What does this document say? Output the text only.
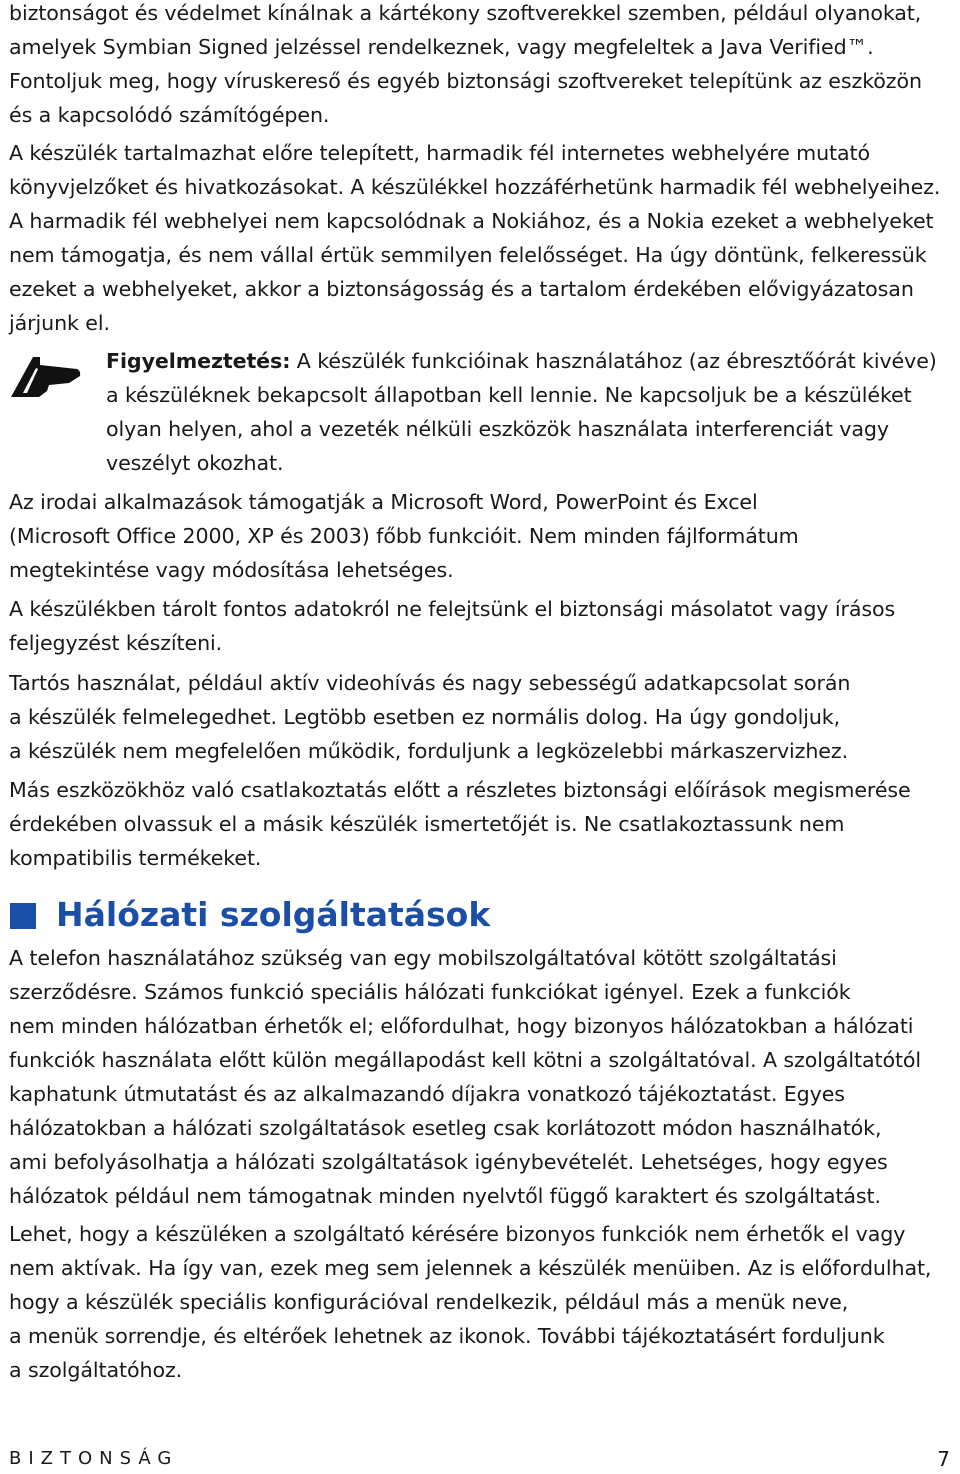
biztonságot és védelmet kínálnak a kártékony szoftverekkel szemben, például olyanokat,

amelyek Symbian Signed jelzéssel rendelkeznek, vagy megfeleltek a Java Verified™.

Fontoljuk meg, hogy víruskereső és egyéb biztonsági szoftvereket telepítünk az eszközön

és a kapcsolódó számítógépen.

A készülék tartalmazhat előre telepített, harmadik fél internetes webhelyére mutató

könyvjelzőket és hivatkozásokat. A készülékkel hozzáférhetünk harmadik fél webhelyeihez.

A harmadik fél webhelyei nem kapcsolódnak a Nokiához, és a Nokia ezeket a webhelyeket

nem támogatja, és nem vállal értük semmilyen felelősséget. Ha úgy döntünk, felkeressük

ezeket a webhelyeket, akkor a biztonságosság és a tartalom érdekében elővigyázatosan

járjunk el.

Figyelmeztetés: A készülék funkcióinak használatához (az ébresztőórát kivéve)

a készüléknek bekapcsolt állapotban kell lennie. Ne kapcsoljuk be a készüléket

olyan helyen, ahol a vezeték nélküli eszközök használata interferenciát vagy

veszélyt okozhat.

Az irodai alkalmazások támogatják a Microsoft Word, PowerPoint és Excel

(Microsoft Office 2000, XP és 2003) főbb funkcióit. Nem minden fájlformátum

megtekintése vagy módosítása lehetséges.

A készülékben tárolt fontos adatokról ne felejtsünk el biztonsági másolatot vagy írásos

feljegyzést készíteni.

Tartós használat, például aktív videohívás és nagy sebességű adatkapcsolat során

a készülék felmelegedhet. Legtöbb esetben ez normális dolog. Ha úgy gondoljuk,

a készülék nem megfelelően működik, forduljunk a legközelebbi márkaszervizhez.

Más eszközökhöz való csatlakoztatás előtt a részletes biztonsági előírások megismerése

érdekében olvassuk el a másik készülék ismertetőjét is. Ne csatlakoztassunk nem

kompatibilis termékeket.

Hálózati szolgáltatások

A telefon használatához szükség van egy mobilszolgáltatóval kötött szolgáltatási

szerződésre. Számos funkció speciális hálózati funkciókat igényel. Ezek a funkciók

nem minden hálózatban érhetők el; előfordulhat, hogy bizonyos hálózatokban a hálózati

funkciók használata előtt külön megállapodást kell kötni a szolgáltatóval. A szolgáltatótól

kaphatunk útmutatást és az alkalmazandó díjakra vonatkozó tájékoztatást. Egyes

hálózatokban a hálózati szolgáltatások esetleg csak korlátozott módon használhatók,

ami befolyásolhatja a hálózati szolgáltatások igénybevételét. Lehetséges, hogy egyes

hálózatok például nem támogatnak minden nyelvtől függő karaktert és szolgáltatást.

Lehet, hogy a készüléken a szolgáltató kérésére bizonyos funkciók nem érhetők el vagy

nem aktívak. Ha így van, ezek meg sem jelennek a készülék menüiben. Az is előfordulhat,

hogy a készülék speciális konfigurációval rendelkezik, például más a menük neve,

a menük sorrendje, és eltérőek lehetnek az ikonok. További tájékoztatásért forduljunk

a szolgáltatóhoz.

BIZTONSÁG	7
